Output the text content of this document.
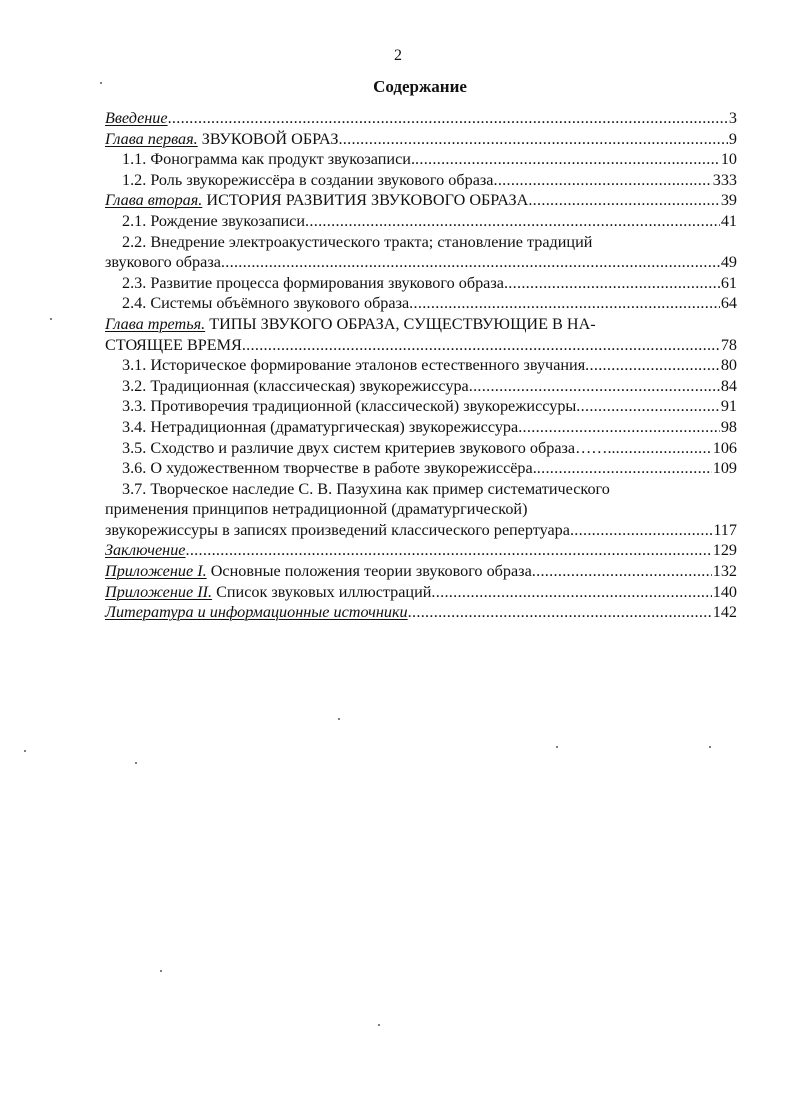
2
Содержание
Введение .....	3
Глава первая. ЗВУКОВОЙ ОБРАЗ .....	9
1.1. Фонограмма как продукт звукозаписи. .....	10
1.2. Роль звукорежиссёра в создании звукового образа .....	333
Глава вторая. ИСТОРИЯ РАЗВИТИЯ ЗВУКОВОГО ОБРАЗА .....	39
2.1. Рождение звукозаписи .....	41
2.2. Внедрение электроакустического тракта; становление традиций
звукового образа .....	49
2.3. Развитие процесса формирования звукового образа .....	61
2.4. Системы объёмного звукового образа .....	64
Глава третья. ТИПЫ ЗВУКОГО ОБРАЗА, СУЩЕСТВУЮЩИЕ В НА-
СТОЯЩЕЕ ВРЕМЯ .....	78
3.1. Историческое формирование эталонов естественного звучания .....	80
3.2. Традиционная (классическая) звукорежиссура .....	84
3.3. Противоречия традиционной (классической) звукорежиссуры .....	91
3.4. Нетрадиционная (драматургическая) звукорежиссура .....	98
3.5. Сходство и различие двух систем критериев звукового образа…….. .....	106
3.6. О художественном творчестве в работе звукорежиссёра. .....	109
3.7. Творческое наследие С. В. Пазухина как пример систематического
применения принципов нетрадиционной (драматургической)
звукорежиссуры в записях произведений классического репертуара .....	117
Заключение .....	129
Приложение I. Основные положения теории звукового образа .....	132
Приложение II. Список звуковых иллюстраций .....	140
Литература и информационные источники .....	142
